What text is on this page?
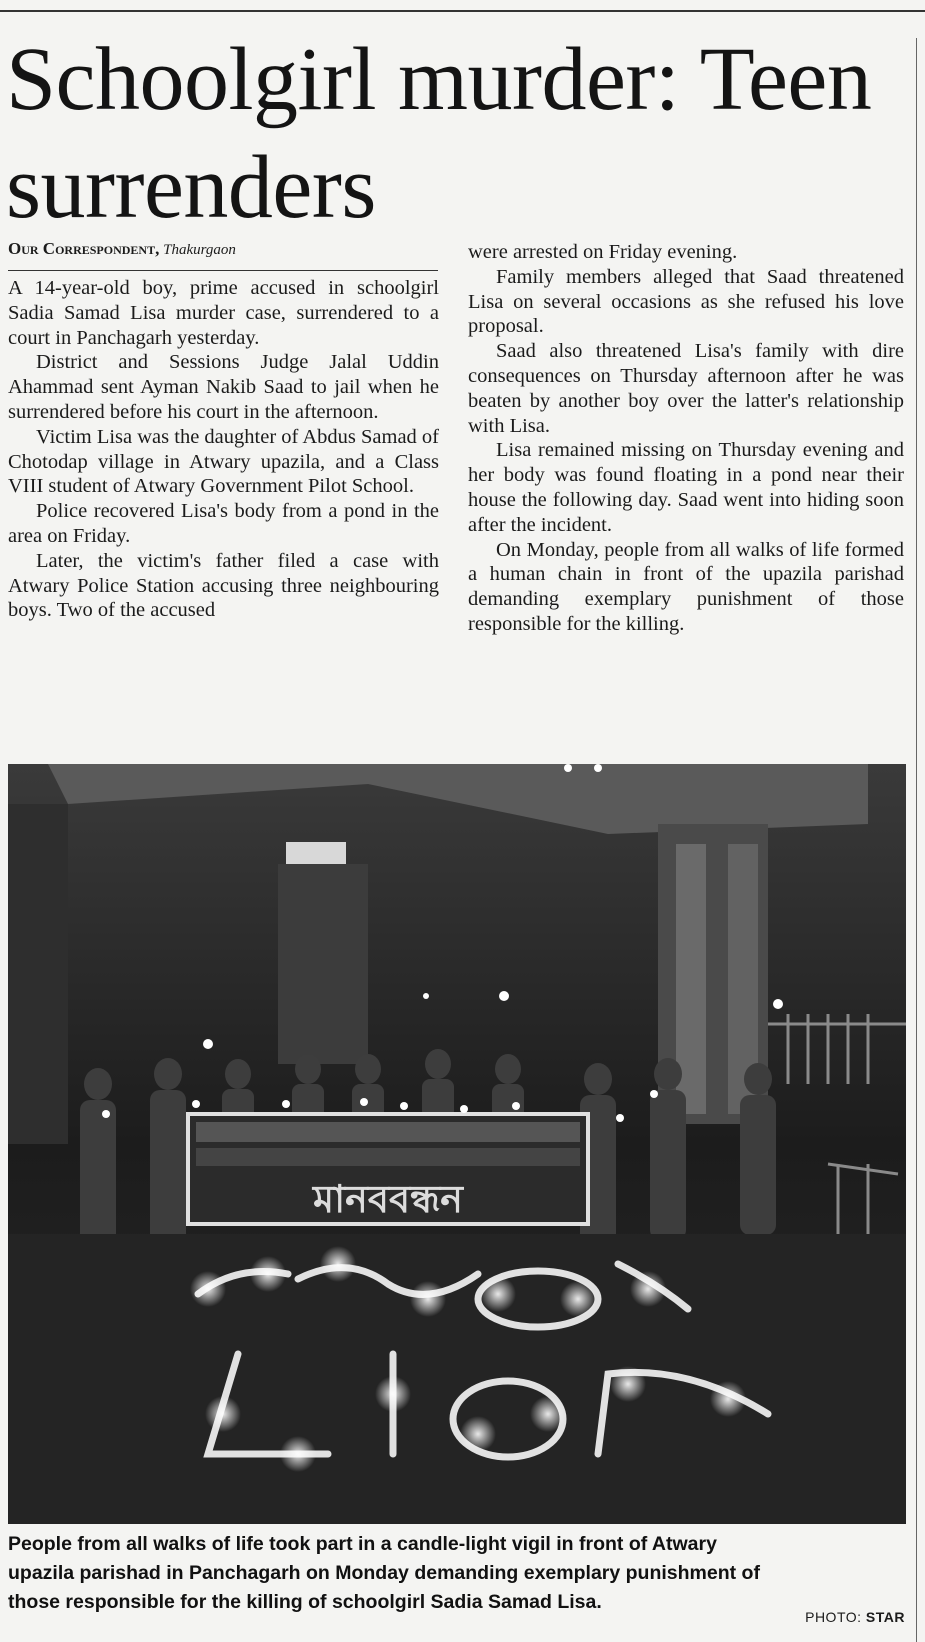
Schoolgirl murder: Teen surrenders
Our Correspondent, Thakurgaon

A 14-year-old boy, prime accused in schoolgirl Sadia Samad Lisa murder case, surrendered to a court in Panchagarh yesterday.

District and Sessions Judge Jalal Uddin Ahammad sent Ayman Nakib Saad to jail when he surrendered before his court in the afternoon.

Victim Lisa was the daughter of Abdus Samad of Chotodap village in Atwary upazila, and a Class VIII student of Atwary Government Pilot School.

Police recovered Lisa's body from a pond in the area on Friday.

Later, the victim's father filed a case with Atwary Police Station accusing three neighbouring boys. Two of the accused

were arrested on Friday evening.

Family members alleged that Saad threatened Lisa on several occasions as she refused his love proposal.

Saad also threatened Lisa's family with dire consequences on Thursday afternoon after he was beaten by another boy over the latter's relationship with Lisa.

Lisa remained missing on Thursday evening and her body was found floating in a pond near their house the following day. Saad went into hiding soon after the incident.

On Monday, people from all walks of life formed a human chain in front of the upazila parishad demanding exemplary punishment of those responsible for the killing.

মানববন্ধন
People from all walks of life took part in a candle-light vigil in front of Atwary upazila parishad in Panchagarh on Monday demanding exemplary punishment of those responsible for the killing of schoolgirl Sadia Samad Lisa.
PHOTO: STAR
